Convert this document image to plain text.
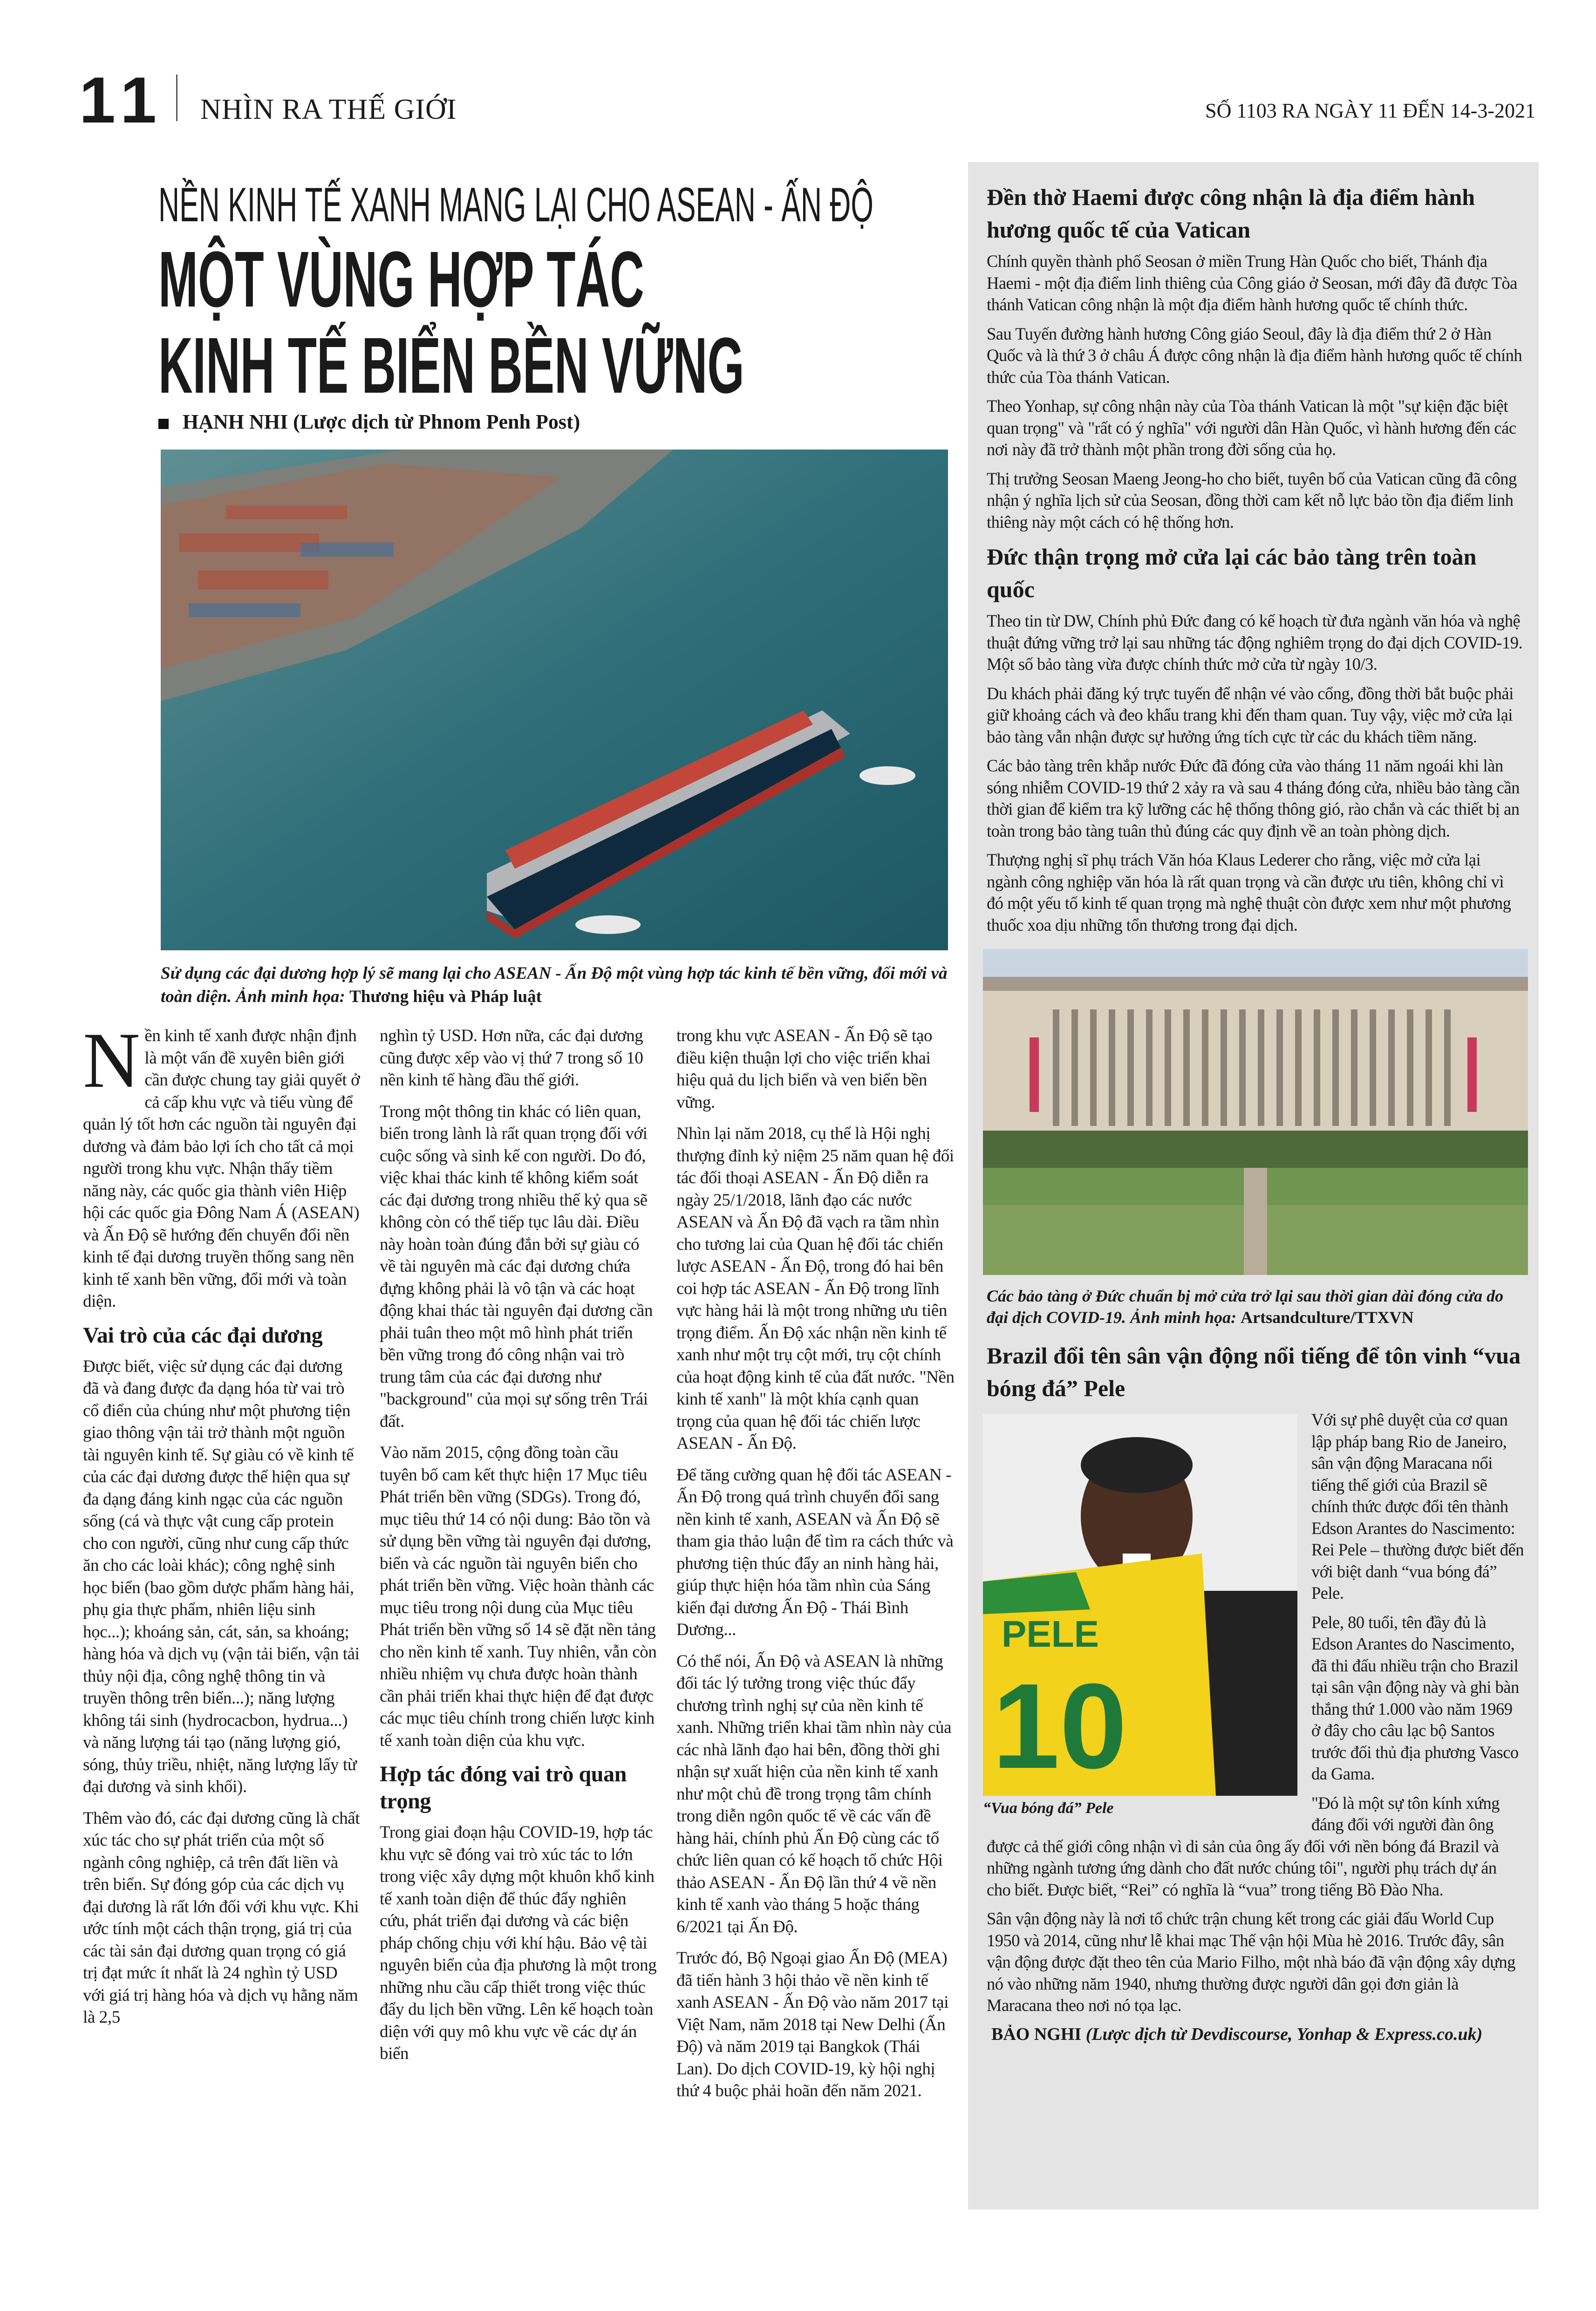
11 NHÌN RA THẾ GIỚI	SỐ 1103 RA NGÀY 11 ĐẾN 14-3-2021
NỀN KINH TẾ XANH MANG LẠI CHO ASEAN - ẤN ĐỘ
MỘT VÙNG HỢP TÁC
KINH TẾ BIỂN BỀN VỮNG
HẠNH NHI (Lược dịch từ Phnom Penh Post)
Sử dụng các đại dương hợp lý sẽ mang lại cho ASEAN - Ấn Độ một vùng hợp tác kinh tế bền vững, đổi mới và toàn diện. Ảnh minh họa: Thương hiệu và Pháp luật

Nền kinh tế xanh được nhận định là một vấn đề xuyên biên giới cần được chung tay giải quyết ở cả cấp khu vực và tiểu vùng để quản lý tốt hơn các nguồn tài nguyên đại dương và đảm bảo lợi ích cho tất cả mọi người trong khu vực. Nhận thấy tiềm năng này, các quốc gia thành viên Hiệp hội các quốc gia Đông Nam Á (ASEAN) và Ấn Độ sẽ hướng đến chuyển đổi nền kinh tế đại dương truyền thống sang nền kinh tế xanh bền vững, đổi mới và toàn diện.

Vai trò của các đại dương

Được biết, việc sử dụng các đại dương đã và đang được đa dạng hóa từ vai trò cổ điển của chúng như một phương tiện giao thông vận tải trở thành một nguồn tài nguyên kinh tế. Sự giàu có về kinh tế của các đại dương được thể hiện qua sự đa dạng đáng kinh ngạc của các nguồn sống (cá và thực vật cung cấp protein cho con người, cũng như cung cấp thức ăn cho các loài khác); công nghệ sinh học biển (bao gồm dược phẩm hàng hải, phụ gia thực phẩm, nhiên liệu sinh học...); khoáng sản, cát, sản, sa khoáng; hàng hóa và dịch vụ (vận tải biển, vận tải thủy nội địa, công nghệ thông tin và truyền thông trên biển...); năng lượng không tái sinh (hydrocacbon, hydrua...) và năng lượng tái tạo (năng lượng gió, sóng, thủy triều, nhiệt, năng lượng lấy từ đại dương và sinh khối).

Thêm vào đó, các đại dương cũng là chất xúc tác cho sự phát triển của một số ngành công nghiệp, cả trên đất liền và trên biển. Sự đóng góp của các dịch vụ đại dương là rất lớn đối với khu vực. Khi ước tính một cách thận trọng, giá trị của các tài sản đại dương quan trọng có giá trị đạt mức ít nhất là 24 nghìn tỷ USD với giá trị hàng hóa và dịch vụ hằng năm là 2,5

nghìn tỷ USD. Hơn nữa, các đại dương cũng được xếp vào vị thứ 7 trong số 10 nền kinh tế hàng đầu thế giới.

Trong một thông tin khác có liên quan, biển trong lành là rất quan trọng đối với cuộc sống và sinh kế con người. Do đó, việc khai thác kinh tế không kiểm soát các đại dương trong nhiều thế kỷ qua sẽ không còn có thể tiếp tục lâu dài. Điều này hoàn toàn đúng đắn bởi sự giàu có về tài nguyên mà các đại dương chứa đựng không phải là vô tận và các hoạt động khai thác tài nguyên đại dương cần phải tuân theo một mô hình phát triển bền vững trong đó công nhận vai trò trung tâm của các đại dương như "background" của mọi sự sống trên Trái đất.

Vào năm 2015, cộng đồng toàn cầu tuyên bố cam kết thực hiện 17 Mục tiêu Phát triển bền vững (SDGs). Trong đó, mục tiêu thứ 14 có nội dung: Bảo tồn và sử dụng bền vững tài nguyên đại dương, biển và các nguồn tài nguyên biển cho phát triển bền vững. Việc hoàn thành các mục tiêu trong nội dung của Mục tiêu Phát triển bền vững số 14 sẽ đặt nền tảng cho nền kinh tế xanh. Tuy nhiên, vẫn còn nhiều nhiệm vụ chưa được hoàn thành cần phải triển khai thực hiện để đạt được các mục tiêu chính trong chiến lược kinh tế xanh toàn diện của khu vực.

Hợp tác đóng vai trò quan trọng

Trong giai đoạn hậu COVID-19, hợp tác khu vực sẽ đóng vai trò xúc tác to lớn trong việc xây dựng một khuôn khổ kinh tế xanh toàn diện để thúc đẩy nghiên cứu, phát triển đại dương và các biện pháp chống chịu với khí hậu. Bảo vệ tài nguyên biển của địa phương là một trong những nhu cầu cấp thiết trong việc thúc đẩy du lịch bền vững. Lên kế hoạch toàn diện với quy mô khu vực về các dự án biển

trong khu vực ASEAN - Ấn Độ sẽ tạo điều kiện thuận lợi cho việc triển khai hiệu quả du lịch biển và ven biển bền vững.

Nhìn lại năm 2018, cụ thể là Hội nghị thượng đỉnh kỷ niệm 25 năm quan hệ đối tác đối thoại ASEAN - Ấn Độ diễn ra ngày 25/1/2018, lãnh đạo các nước ASEAN và Ấn Độ đã vạch ra tầm nhìn cho tương lai của Quan hệ đối tác chiến lược ASEAN - Ấn Độ, trong đó hai bên coi hợp tác ASEAN - Ấn Độ trong lĩnh vực hàng hải là một trong những ưu tiên trọng điểm. Ấn Độ xác nhận nền kinh tế xanh như một trụ cột mới, trụ cột chính của hoạt động kinh tế của đất nước. "Nền kinh tế xanh" là một khía cạnh quan trọng của quan hệ đối tác chiến lược ASEAN - Ấn Độ.

Để tăng cường quan hệ đối tác ASEAN - Ấn Độ trong quá trình chuyển đổi sang nền kinh tế xanh, ASEAN và Ấn Độ sẽ tham gia thảo luận để tìm ra cách thức và phương tiện thúc đẩy an ninh hàng hải, giúp thực hiện hóa tầm nhìn của Sáng kiến đại dương Ấn Độ - Thái Bình Dương...

Có thể nói, Ấn Độ và ASEAN là những đối tác lý tưởng trong việc thúc đẩy chương trình nghị sự của nền kinh tế xanh. Những triển khai tầm nhìn này của các nhà lãnh đạo hai bên, đồng thời ghi nhận sự xuất hiện của nền kinh tế xanh như một chủ đề trong trọng tâm chính trong diễn ngôn quốc tế về các vấn đề hàng hải, chính phủ Ấn Độ cùng các tổ chức liên quan có kế hoạch tổ chức Hội thảo ASEAN - Ấn Độ lần thứ 4 về nền kinh tế xanh vào tháng 5 hoặc tháng 6/2021 tại Ấn Độ.

Trước đó, Bộ Ngoại giao Ấn Độ (MEA) đã tiến hành 3 hội thảo về nền kinh tế xanh ASEAN - Ấn Độ vào năm 2017 tại Việt Nam, năm 2018 tại New Delhi (Ấn Độ) và năm 2019 tại Bangkok (Thái Lan). Do dịch COVID-19, kỳ hội nghị thứ 4 buộc phải hoãn đến năm 2021.

Đền thờ Haemi được công nhận là địa điểm hành hương quốc tế của Vatican

Chính quyền thành phố Seosan ở miền Trung Hàn Quốc cho biết, Thánh địa Haemi - một địa điểm linh thiêng của Công giáo ở Seosan, mới đây đã được Tòa thánh Vatican công nhận là một địa điểm hành hương quốc tế chính thức.

Sau Tuyến đường hành hương Công giáo Seoul, đây là địa điểm thứ 2 ở Hàn Quốc và là thứ 3 ở châu Á được công nhận là địa điểm hành hương quốc tế chính thức của Tòa thánh Vatican.

Theo Yonhap, sự công nhận này của Tòa thánh Vatican là một "sự kiện đặc biệt quan trọng" và "rất có ý nghĩa" với người dân Hàn Quốc, vì hành hương đến các nơi này đã trở thành một phần trong đời sống của họ.

Thị trưởng Seosan Maeng Jeong-ho cho biết, tuyên bố của Vatican cũng đã công nhận ý nghĩa lịch sử của Seosan, đồng thời cam kết nỗ lực bảo tồn địa điểm linh thiêng này một cách có hệ thống hơn.

Đức thận trọng mở cửa lại các bảo tàng trên toàn quốc

Theo tin từ DW, Chính phủ Đức đang có kế hoạch từ đưa ngành văn hóa và nghệ thuật đứng vững trở lại sau những tác động nghiêm trọng do đại dịch COVID-19. Một số bảo tàng vừa được chính thức mở cửa từ ngày 10/3.

Du khách phải đăng ký trực tuyến để nhận vé vào cổng, đồng thời bắt buộc phải giữ khoảng cách và đeo khẩu trang khi đến tham quan. Tuy vậy, việc mở cửa lại bảo tàng vẫn nhận được sự hưởng ứng tích cực từ các du khách tiềm năng.

Các bảo tàng trên khắp nước Đức đã đóng cửa vào tháng 11 năm ngoái khi làn sóng nhiễm COVID-19 thứ 2 xảy ra và sau 4 tháng đóng cửa, nhiều bảo tàng cần thời gian để kiểm tra kỹ lưỡng các hệ thống thông gió, rào chắn và các thiết bị an toàn trong bảo tàng tuân thủ đúng các quy định về an toàn phòng dịch.

Thượng nghị sĩ phụ trách Văn hóa Klaus Lederer cho rằng, việc mở cửa lại ngành công nghiệp văn hóa là rất quan trọng và cần được ưu tiên, không chỉ vì đó một yếu tố kinh tế quan trọng mà nghệ thuật còn được xem như một phương thuốc xoa dịu những tổn thương trong đại dịch.

Các bảo tàng ở Đức chuẩn bị mở cửa trở lại sau thời gian dài đóng cửa do đại dịch COVID-19. Ảnh minh họa: Artsandculture/TTXVN
Brazil đổi tên sân vận động nổi tiếng để tôn vinh “vua bóng đá” Pele
PELE
10
“Vua bóng đá” Pele

Với sự phê duyệt của cơ quan lập pháp bang Rio de Janeiro, sân vận động Maracana nổi tiếng thế giới của Brazil sẽ chính thức được đổi tên thành Edson Arantes do Nascimento: Rei Pele – thường được biết đến với biệt danh “vua bóng đá” Pele.

Pele, 80 tuổi, tên đầy đủ là Edson Arantes do Nascimento, đã thi đấu nhiều trận cho Brazil tại sân vận động này và ghi bàn thắng thứ 1.000 vào năm 1969 ở đây cho câu lạc bộ Santos trước đối thủ địa phương Vasco da Gama.

"Đó là một sự tôn kính xứng đáng đối với người đàn ông được cả thế giới công nhận vì di sản của ông ấy đối với nền bóng đá Brazil và những ngành tương ứng dành cho đất nước chúng tôi", người phụ trách dự án cho biết. Được biết, “Rei” có nghĩa là “vua” trong tiếng Bồ Đào Nha.

Sân vận động này là nơi tổ chức trận chung kết trong các giải đấu World Cup 1950 và 2014, cũng như lễ khai mạc Thế vận hội Mùa hè 2016. Trước đây, sân vận động được đặt theo tên của Mario Filho, một nhà báo đã vận động xây dựng nó vào những năm 1940, nhưng thường được người dân gọi đơn giản là Maracana theo nơi nó tọa lạc.

BẢO NGHI (Lược dịch từ Devdiscourse, Yonhap & Express.co.uk)
